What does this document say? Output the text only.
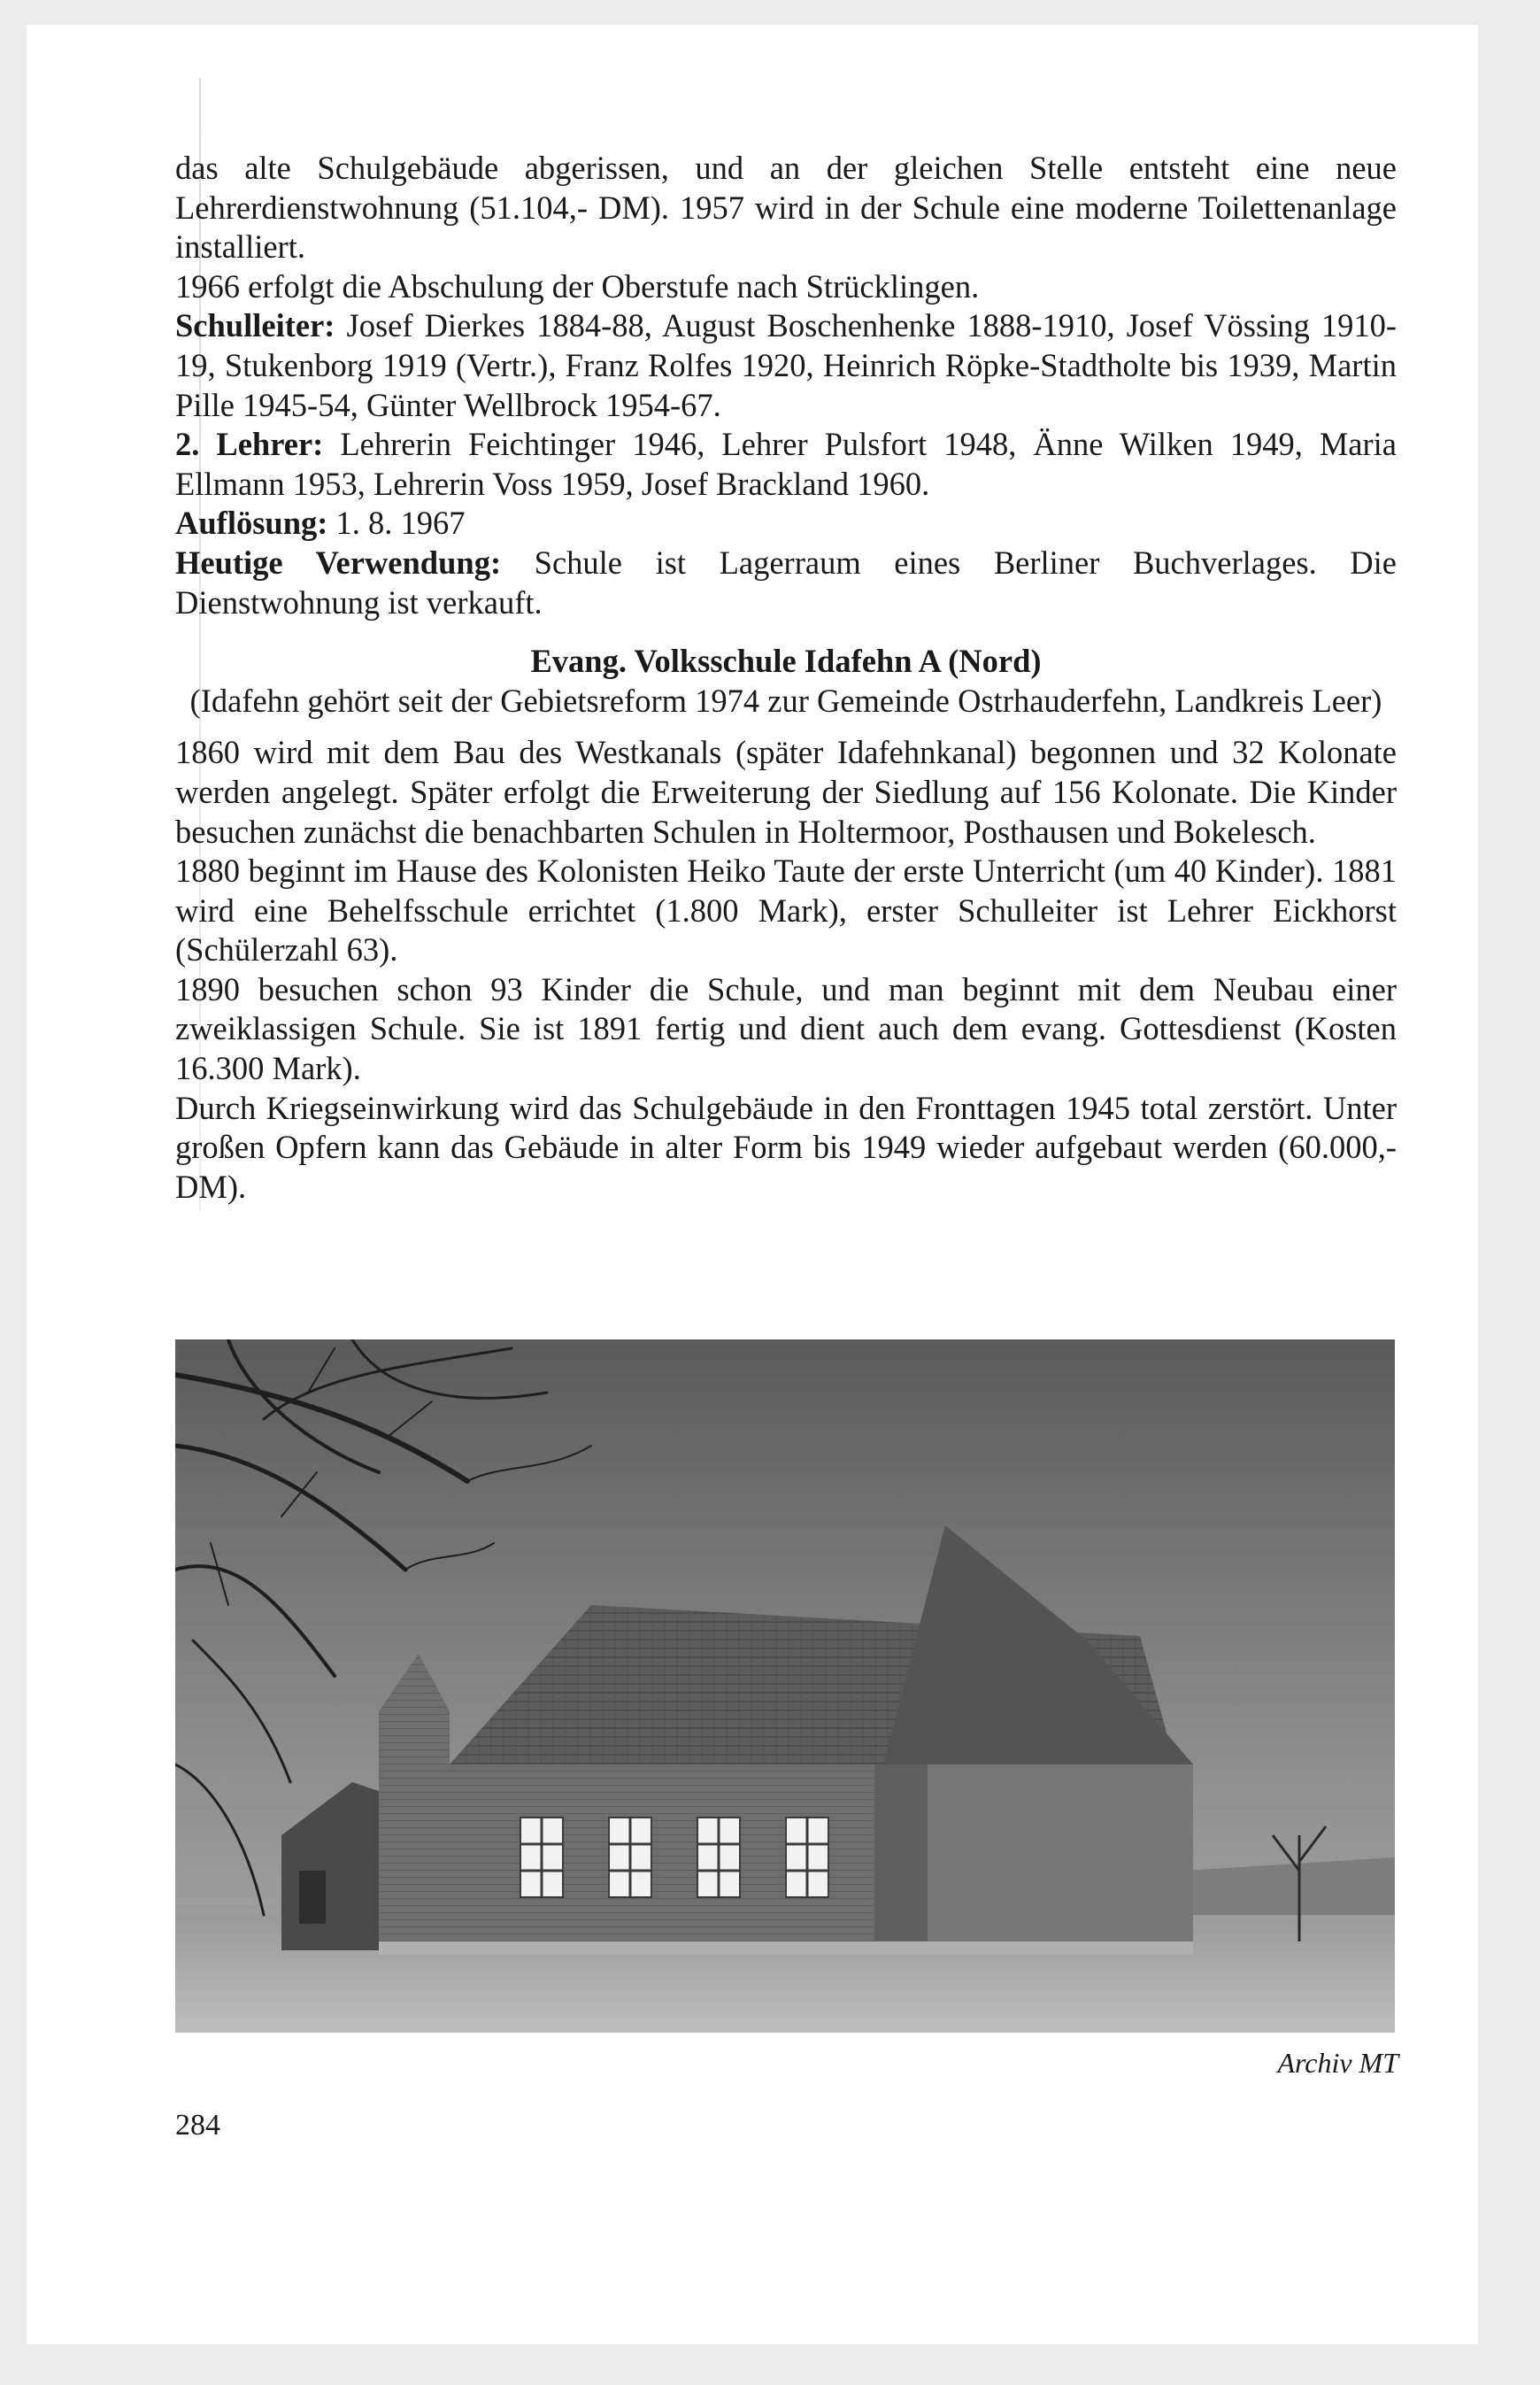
das alte Schulgebäude abgerissen, und an der gleichen Stelle entsteht eine neue Lehrerdienstwohnung (51.104,- DM). 1957 wird in der Schule eine moderne Toilettenanlage installiert.

1966 erfolgt die Abschulung der Oberstufe nach Strücklingen.

Schulleiter: Josef Dierkes 1884-88, August Boschenhenke 1888-1910, Josef Vössing 1910-19, Stukenborg 1919 (Vertr.), Franz Rolfes 1920, Heinrich Röpke-Stadtholte bis 1939, Martin Pille 1945-54, Günter Wellbrock 1954-67.

2. Lehrer: Lehrerin Feichtinger 1946, Lehrer Pulsfort 1948, Änne Wilken 1949, Maria Ellmann 1953, Lehrerin Voss 1959, Josef Brackland 1960.

Auflösung: 1. 8. 1967

Heutige Verwendung: Schule ist Lagerraum eines Berliner Buchverlages. Die Dienstwohnung ist verkauft.

Evang. Volksschule Idafehn A (Nord)

(Idafehn gehört seit der Gebietsreform 1974 zur Gemeinde Ostrhauderfehn, Landkreis Leer)

1860 wird mit dem Bau des Westkanals (später Idafehnkanal) begonnen und 32 Kolonate werden angelegt. Später erfolgt die Erweiterung der Siedlung auf 156 Kolonate. Die Kinder besuchen zunächst die benachbarten Schulen in Holtermoor, Posthausen und Bokelesch.

1880 beginnt im Hause des Kolonisten Heiko Taute der erste Unterricht (um 40 Kinder). 1881 wird eine Behelfsschule errichtet (1.800 Mark), erster Schulleiter ist Lehrer Eickhorst (Schülerzahl 63).

1890 besuchen schon 93 Kinder die Schule, und man beginnt mit dem Neubau einer zweiklassigen Schule. Sie ist 1891 fertig und dient auch dem evang. Gottesdienst (Kosten 16.300 Mark).

Durch Kriegseinwirkung wird das Schulgebäude in den Fronttagen 1945 total zerstört. Unter großen Opfern kann das Gebäude in alter Form bis 1949 wieder aufgebaut werden (60.000,- DM).

Archiv MT
284
